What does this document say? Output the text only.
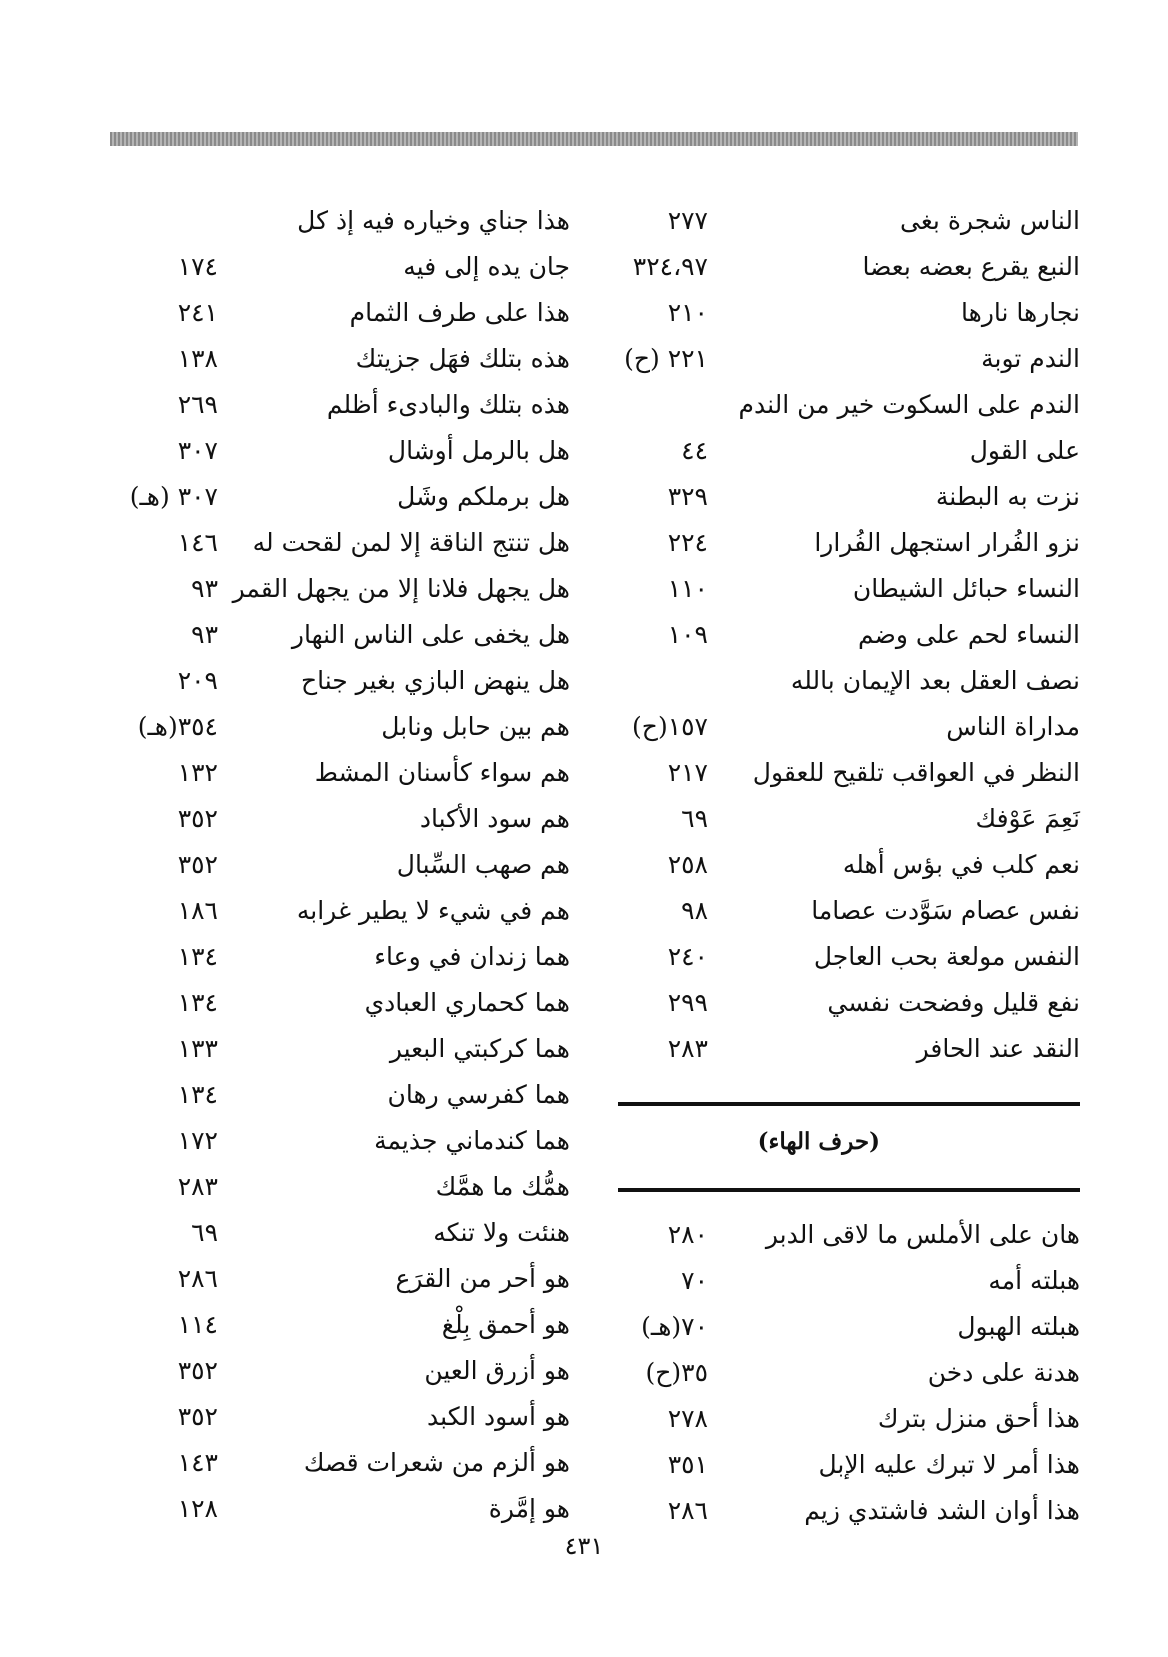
الناس شجرة بغى
٢٧٧
النبع يقرع بعضه بعضا
٣٢٤،٩٧
نجارها نارها
٢١٠
الندم توبة
٢٢١ (ح)
الندم على السكوت خير من الندم
على القول
٤٤
نزت به البطنة
٣٢٩
نزو الفُرار استجهل الفُرارا
٢٢٤
النساء حبائل الشيطان
١١٠
النساء لحم على وضم
١٠٩
نصف العقل بعد الإيمان بالله
مداراة الناس
١٥٧(ح)
النظر في العواقب تلقيح للعقول
٢١٧
نَعِمَ عَوْفك
٦٩
نعم كلب في بؤس أهله
٢٥٨
نفس عصام سَوَّدت عصاما
٩٨
النفس مولعة بحب العاجل
٢٤٠
نفع قليل وفضحت نفسي
٢٩٩
النقد عند الحافر
٢٨٣
(حرف الهاء)
هان على الأملس ما لاقى الدبر
٢٨٠
هبلته أمه
٧٠
هبلته الهبول
٧٠(هـ)
هدنة على دخن
٣٥(ح)
هذا أحق منزل بترك
٢٧٨
هذا أمر لا تبرك عليه الإبل
٣٥١
هذا أوان الشد فاشتدي زيم
٢٨٦
هذا جناي وخياره فيه إذ كل
جان يده إلى فيه
١٧٤
هذا على طرف الثمام
٢٤١
هذه بتلك فهَل جزيتك
١٣٨
هذه بتلك والبادىء أظلم
٢٦٩
هل بالرمل أوشال
٣٠٧
هل برملكم وشَل
٣٠٧ (هـ)
هل تنتج الناقة إلا لمن لقحت له
١٤٦
هل يجهل فلانا إلا من يجهل القمر
٩٣
هل يخفى على الناس النهار
٩٣
هل ينهض البازي بغير جناح
٢٠٩
هم بين حابل ونابل
٣٥٤(هـ)
هم سواء كأسنان المشط
١٣٢
هم سود الأكباد
٣٥٢
هم صهب السِّبال
٣٥٢
هم في شيء لا يطير غرابه
١٨٦
هما زندان في وعاء
١٣٤
هما كحماري العبادي
١٣٤
هما كركبتي البعير
١٣٣
هما كفرسي رهان
١٣٤
هما كندماني جذيمة
١٧٢
همُّك ما همَّك
٢٨٣
هنئت ولا تنكه
٦٩
هو أحر من القرَع
٢٨٦
هو أحمق بِلْغ
١١٤
هو أزرق العين
٣٥٢
هو أسود الكبد
٣٥٢
هو ألزم من شعرات قصك
١٤٣
هو إمَّرة
١٢٨
٤٣١
